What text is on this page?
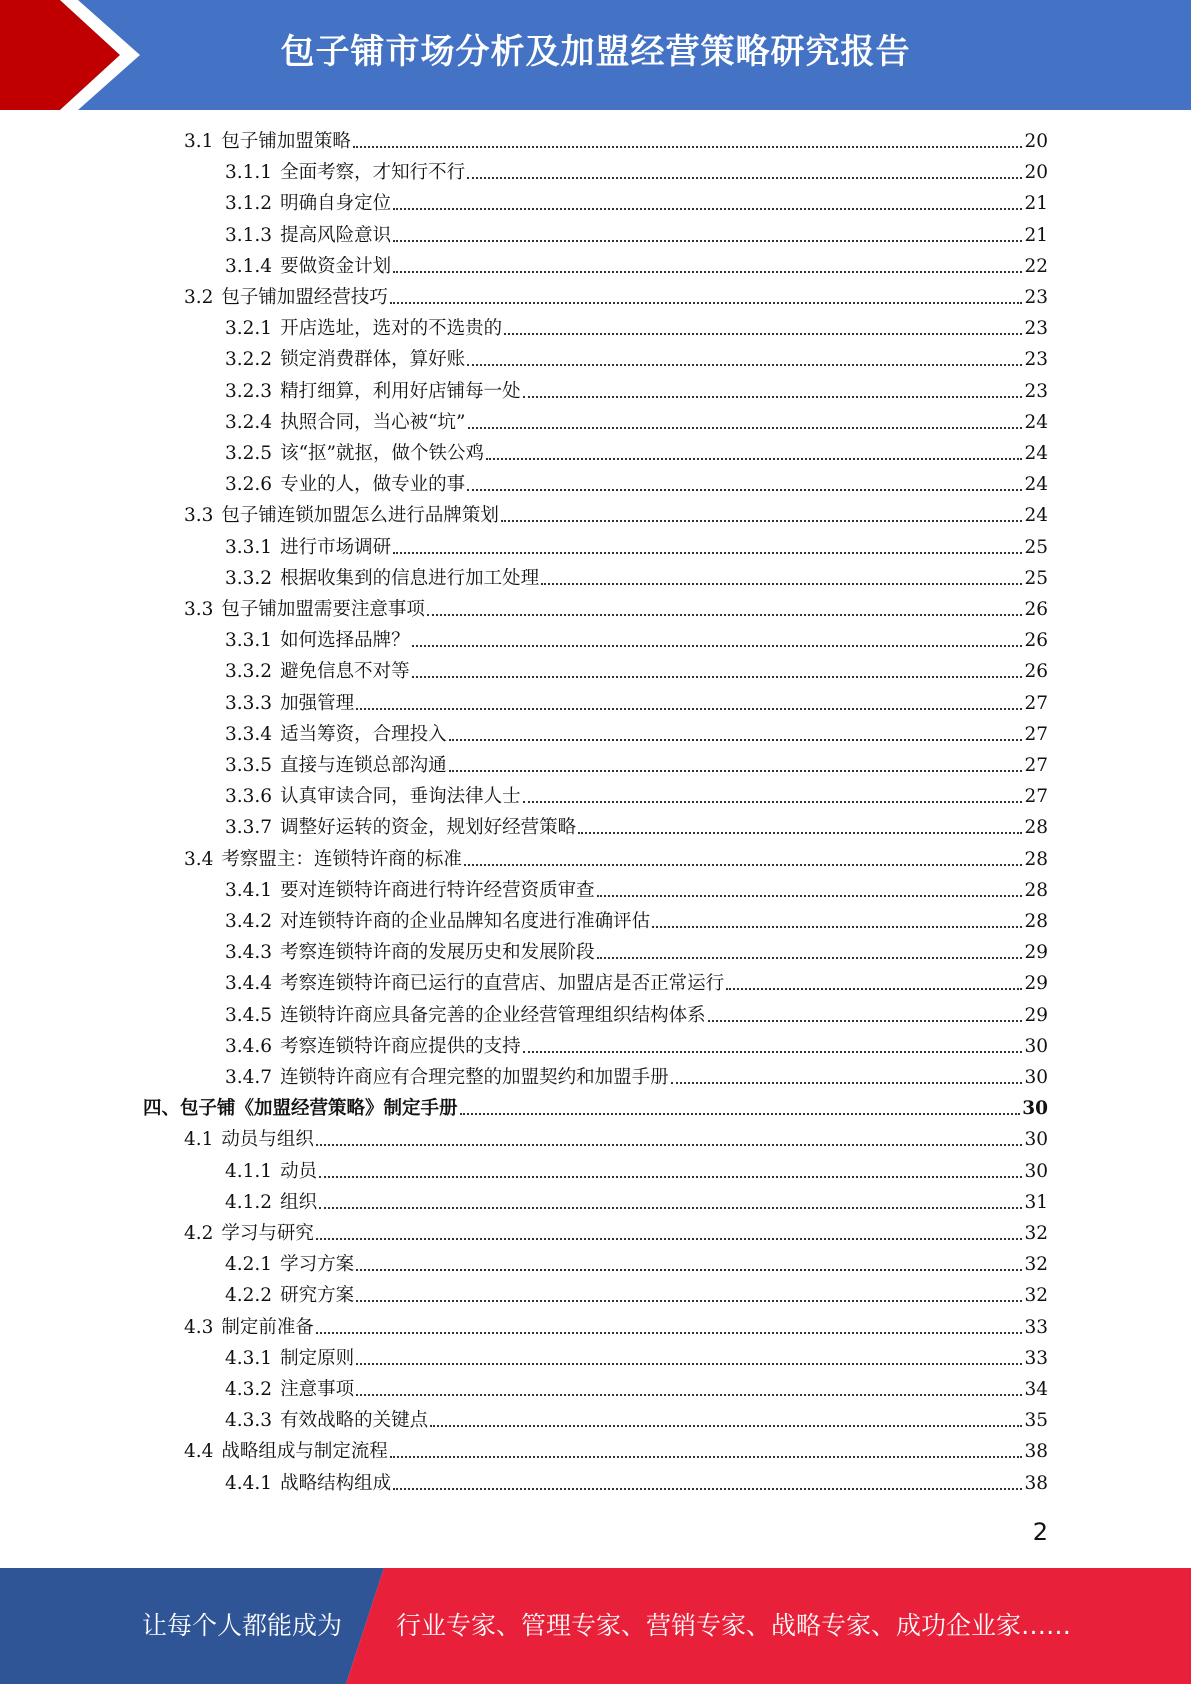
包子铺市场分析及加盟经营策略研究报告
3.1 包子铺加盟策略	20
3.1.1 全面考察，才知行不行	20
3.1.2 明确自身定位	21
3.1.3 提高风险意识	21
3.1.4 要做资金计划	22
3.2 包子铺加盟经营技巧	23
3.2.1 开店选址，选对的不选贵的	23
3.2.2 锁定消费群体，算好账	23
3.2.3 精打细算，利用好店铺每一处	23
3.2.4 执照合同，当心被“坑”	24
3.2.5 该“抠”就抠，做个铁公鸡	24
3.2.6 专业的人，做专业的事	24
3.3 包子铺连锁加盟怎么进行品牌策划	24
3.3.1 进行市场调研	25
3.3.2 根据收集到的信息进行加工处理	25
3.3 包子铺加盟需要注意事项	26
3.3.1 如何选择品牌？	26
3.3.2 避免信息不对等	26
3.3.3 加强管理	27
3.3.4 适当筹资，合理投入	27
3.3.5 直接与连锁总部沟通	27
3.3.6 认真审读合同，垂询法律人士	27
3.3.7 调整好运转的资金，规划好经营策略	28
3.4 考察盟主：连锁特许商的标准	28
3.4.1 要对连锁特许商进行特许经营资质审查	28
3.4.2 对连锁特许商的企业品牌知名度进行准确评估	28
3.4.3 考察连锁特许商的发展历史和发展阶段	29
3.4.4 考察连锁特许商已运行的直营店、加盟店是否正常运行	29
3.4.5 连锁特许商应具备完善的企业经营管理组织结构体系	29
3.4.6 考察连锁特许商应提供的支持	30
3.4.7 连锁特许商应有合理完整的加盟契约和加盟手册	30
四、包子铺《加盟经营策略》制定手册	30
4.1 动员与组织	30
4.1.1 动员	30
4.1.2 组织	31
4.2 学习与研究	32
4.2.1 学习方案	32
4.2.2 研究方案	32
4.3 制定前准备	33
4.3.1 制定原则	33
4.3.2 注意事项	34
4.3.3 有效战略的关键点	35
4.4 战略组成与制定流程	38
4.4.1 战略结构组成	38
2
让每个人都能成为 行业专家、管理专家、营销专家、战略专家、成功企业家……
